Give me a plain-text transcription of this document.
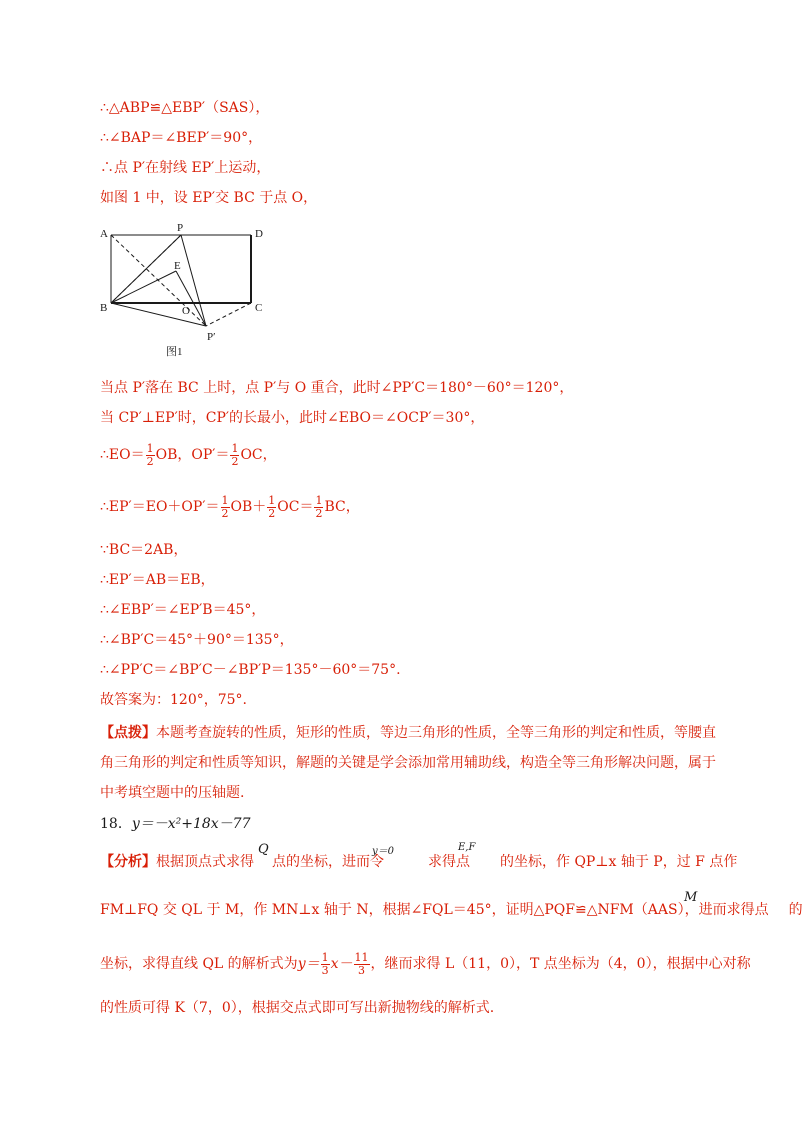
∴△ABP≌△EBP′（SAS），
∴∠BAP＝∠BEP′＝90°，
∴点 P′在射线 EP′上运动，
如图 1 中，设 EP′交 BC 于点 O，
A	P	D
E
B	O	C
P′
图1
当点 P′落在 BC 上时，点 P′与 O 重合，此时∠PP′C＝180°－60°＝120°，
当 CP′⊥EP′时，CP′的长最小，此时∠EBO＝∠OCP′＝30°，
∴EO＝ $\frac{1}{2}$ OB，$OP'= \frac{1}{2}$ OC，
∴EP′＝EO＋OP′＝ $\frac{1}{2} OB+ \frac{1}{2} OC= \frac{1}{2}$ BC，
∵BC＝2AB，
∴EP′＝AB＝EB，
∴∠EBP′＝∠EP′B＝45°，
∴∠BP′C＝45°＋90°＝135°，
∴∠PP′C＝∠BP′C－∠BP′P＝135°－60°＝75°.
故答案为：120°，75°.
【点拨】本题考查旋转的性质，矩形的性质，等边三角形的性质，全等三角形的判定和性质，等腰直角三角形的判定和性质等知识，解题的关键是学会添加常用辅助线，构造全等三角形解决问题，属于中考填空题中的压轴题.
18．y＝－x²+18x－77
【分析】根据顶点式求得 点的坐标，进而令	求得点 的坐标，作 QP⊥x 轴于 P，过 F 点作
Q	y＝0	E,F
FM⊥FQ 交 QL 于 M，作 MN⊥x 轴于 N，根据∠FQL＝45°，证明△PQF≌△NFM（AAS），进而求得点 的
M
坐标，求得直线 QL 的解析式为$y= \frac{1}{3} x- \frac{11}{3}$ ，继而求得 L（11，0），T 点坐标为（4，0），根据中心对称
的性质可得 K（7，0），根据交点式即可写出新抛物线的解析式.
